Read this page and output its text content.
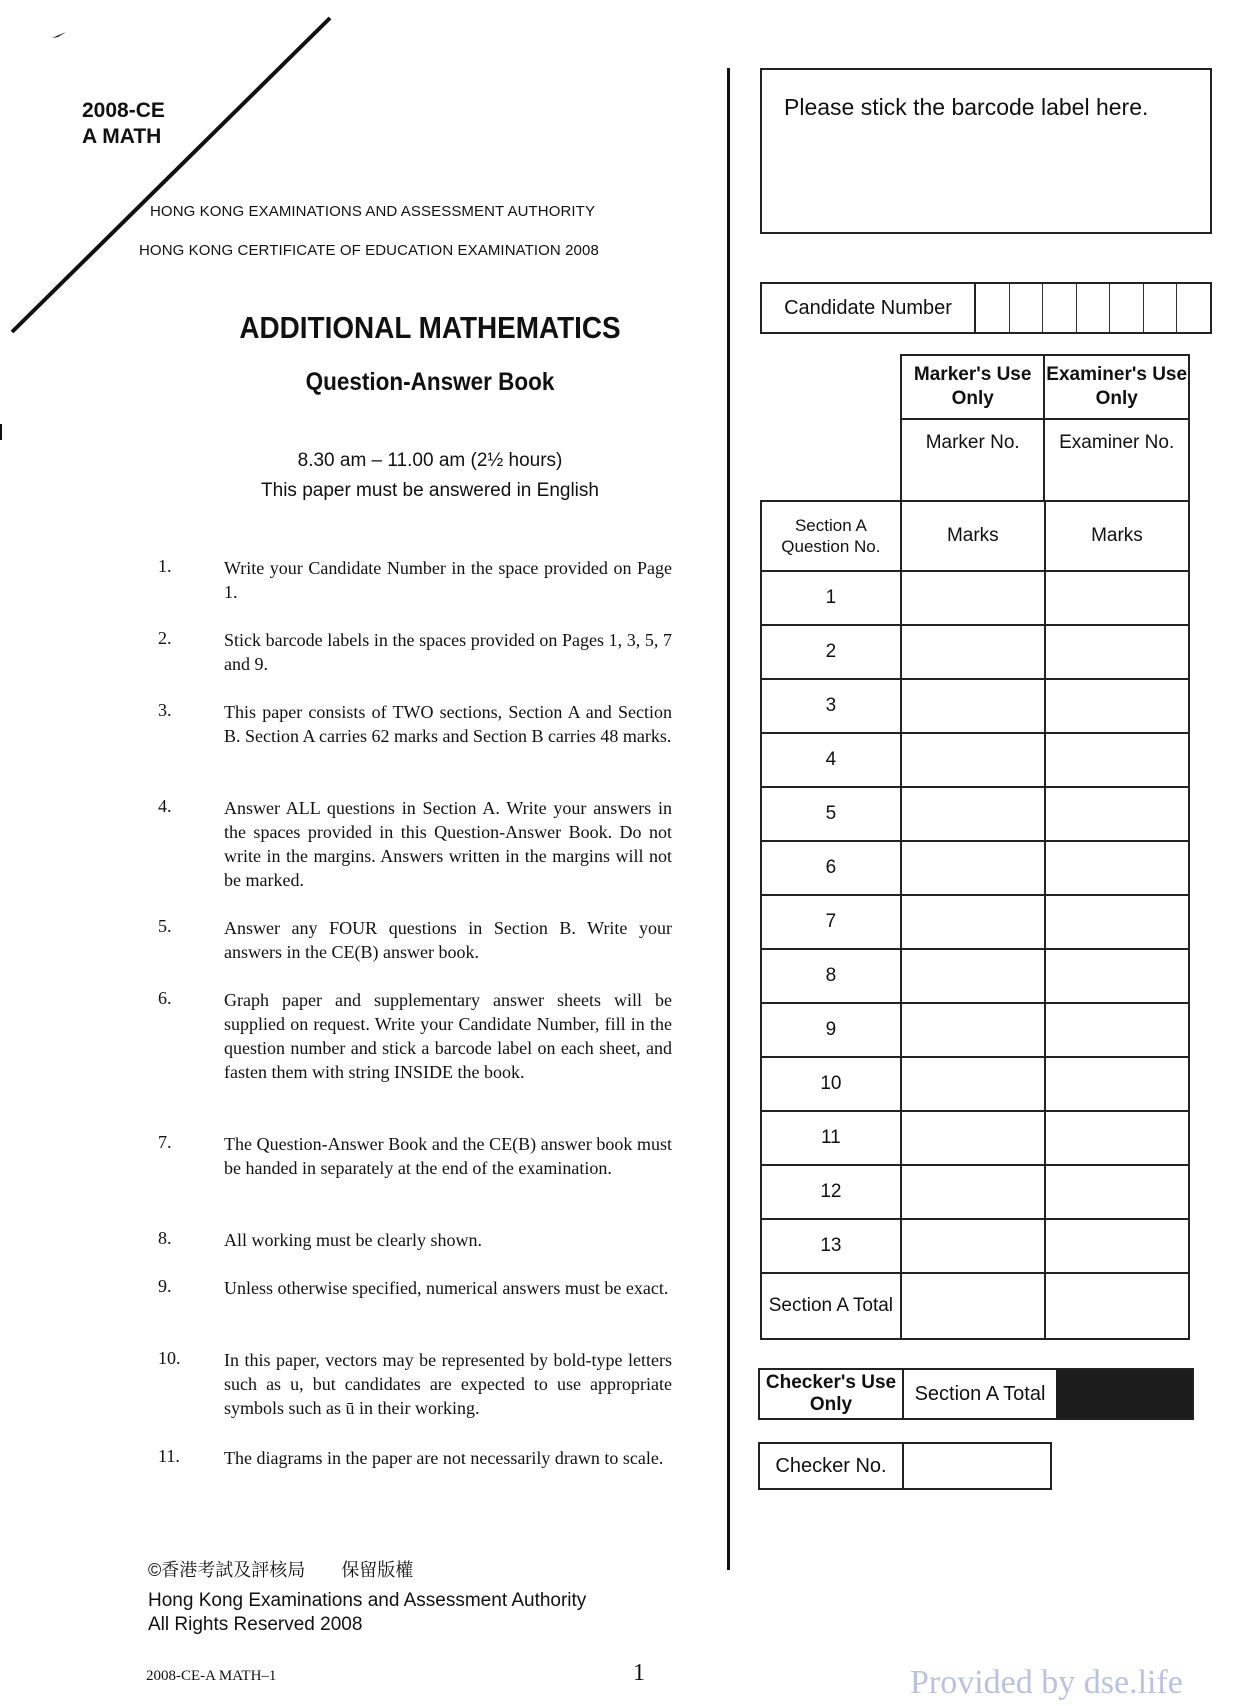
2008-CE
A MATH
HONG KONG EXAMINATIONS AND ASSESSMENT AUTHORITY
HONG KONG CERTIFICATE OF EDUCATION EXAMINATION 2008
ADDITIONAL MATHEMATICS
Question-Answer Book
8.30 am – 11.00 am (2½ hours)
This paper must be answered in English
1.	Write your Candidate Number in the space provided on Page 1.
2.	Stick barcode labels in the spaces provided on Pages 1, 3, 5, 7 and 9.
3.	This paper consists of TWO sections, Section A and Section B. Section A carries 62 marks and Section B carries 48 marks.
4.	Answer ALL questions in Section A. Write your answers in the spaces provided in this Question-Answer Book. Do not write in the margins. Answers written in the margins will not be marked.
5.	Answer any FOUR questions in Section B. Write your answers in the CE(B) answer book.
6.	Graph paper and supplementary answer sheets will be supplied on request. Write your Candidate Number, fill in the question number and stick a barcode label on each sheet, and fasten them with string INSIDE the book.
7.	The Question-Answer Book and the CE(B) answer book must be handed in separately at the end of the examination.
8.	All working must be clearly shown.
9.	Unless otherwise specified, numerical answers must be exact.
10.	In this paper, vectors may be represented by bold-type letters such as u, but candidates are expected to use appropriate symbols such as ū in their working.
11.	The diagrams in the paper are not necessarily drawn to scale.
©香港考試及評核局　　保留版權
Hong Kong Examinations and Assessment Authority
All Rights Reserved 2008
2008-CE-A MATH–1	1	Provided by dse.life
Please stick the barcode label here.
Candidate Number
Marker's Use Only	Examiner's Use Only
Marker No.	Examiner No.
Section A Question No.	Marks	Marks
1		
2		
3		
4		
5		
6		
7		
8		
9		
10		
11		
12		
13		
Section A Total		
Checker's Use Only	Section A Total
Checker No.
